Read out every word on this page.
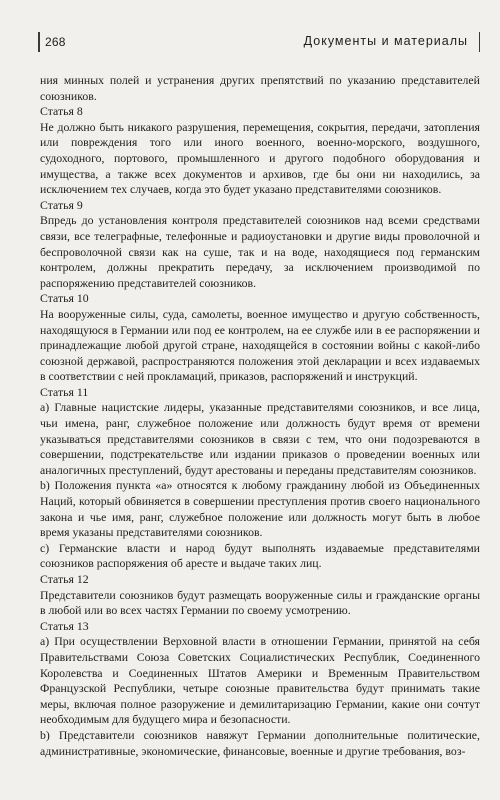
268	Документы и материалы

ния минных полей и устранения других препятствий по указанию представителей союзников.

Статья 8

Не должно быть никакого разрушения, перемещения, сокрытия, передачи, затопления или повреждения того или иного военного, военно-морского, воздушного, судоходного, портового, промышленного и другого подобного оборудования и имущества, а также всех документов и архивов, где бы они ни находились, за исключением тех случаев, когда это будет указано представителями союзников.

Статья 9

Впредь до установления контроля представителей союзников над всеми средствами связи, все телеграфные, телефонные и радиоустановки и другие виды проволочной и беспроволочной связи как на суше, так и на воде, находящиеся под германским контролем, должны прекратить передачу, за исключением производимой по распоряжению представителей союзников.

Статья 10

На вооруженные силы, суда, самолеты, военное имущество и другую собственность, находящуюся в Германии или под ее контролем, на ее службе или в ее распоряжении и принадлежащие любой другой стране, находящейся в состоянии войны с какой-либо союзной державой, распространяются положения этой декларации и всех издаваемых в соответствии с ней прокламаций, приказов, распоряжений и инструкций.

Статья 11

a) Главные нацистские лидеры, указанные представителями союзников, и все лица, чьи имена, ранг, служебное положение или должность будут время от времени указываться представителями союзников в связи с тем, что они подозреваются в совершении, подстрекательстве или издании приказов о проведении военных или аналогичных преступлений, будут арестованы и переданы представителям союзников.

b) Положения пункта «а» относятся к любому гражданину любой из Объединенных Наций, который обвиняется в совершении преступления против своего национального закона и чье имя, ранг, служебное положение или должность могут быть в любое время указаны представителями союзников.

c) Германские власти и народ будут выполнять издаваемые представителями союзников распоряжения об аресте и выдаче таких лиц.

Статья 12

Представители союзников будут размещать вооруженные силы и гражданские органы в любой или во всех частях Германии по своему усмотрению.

Статья 13

a) При осуществлении Верховной власти в отношении Германии, принятой на себя Правительствами Союза Советских Социалистических Республик, Соединенного Королевства и Соединенных Штатов Америки и Временным Правительством Французской Республики, четыре союзные правительства будут принимать такие меры, включая полное разоружение и демилитаризацию Германии, какие они сочтут необходимым для будущего мира и безопасности.

b) Представители союзников навяжут Германии дополнительные политические, административные, экономические, финансовые, военные и другие требования, воз-
